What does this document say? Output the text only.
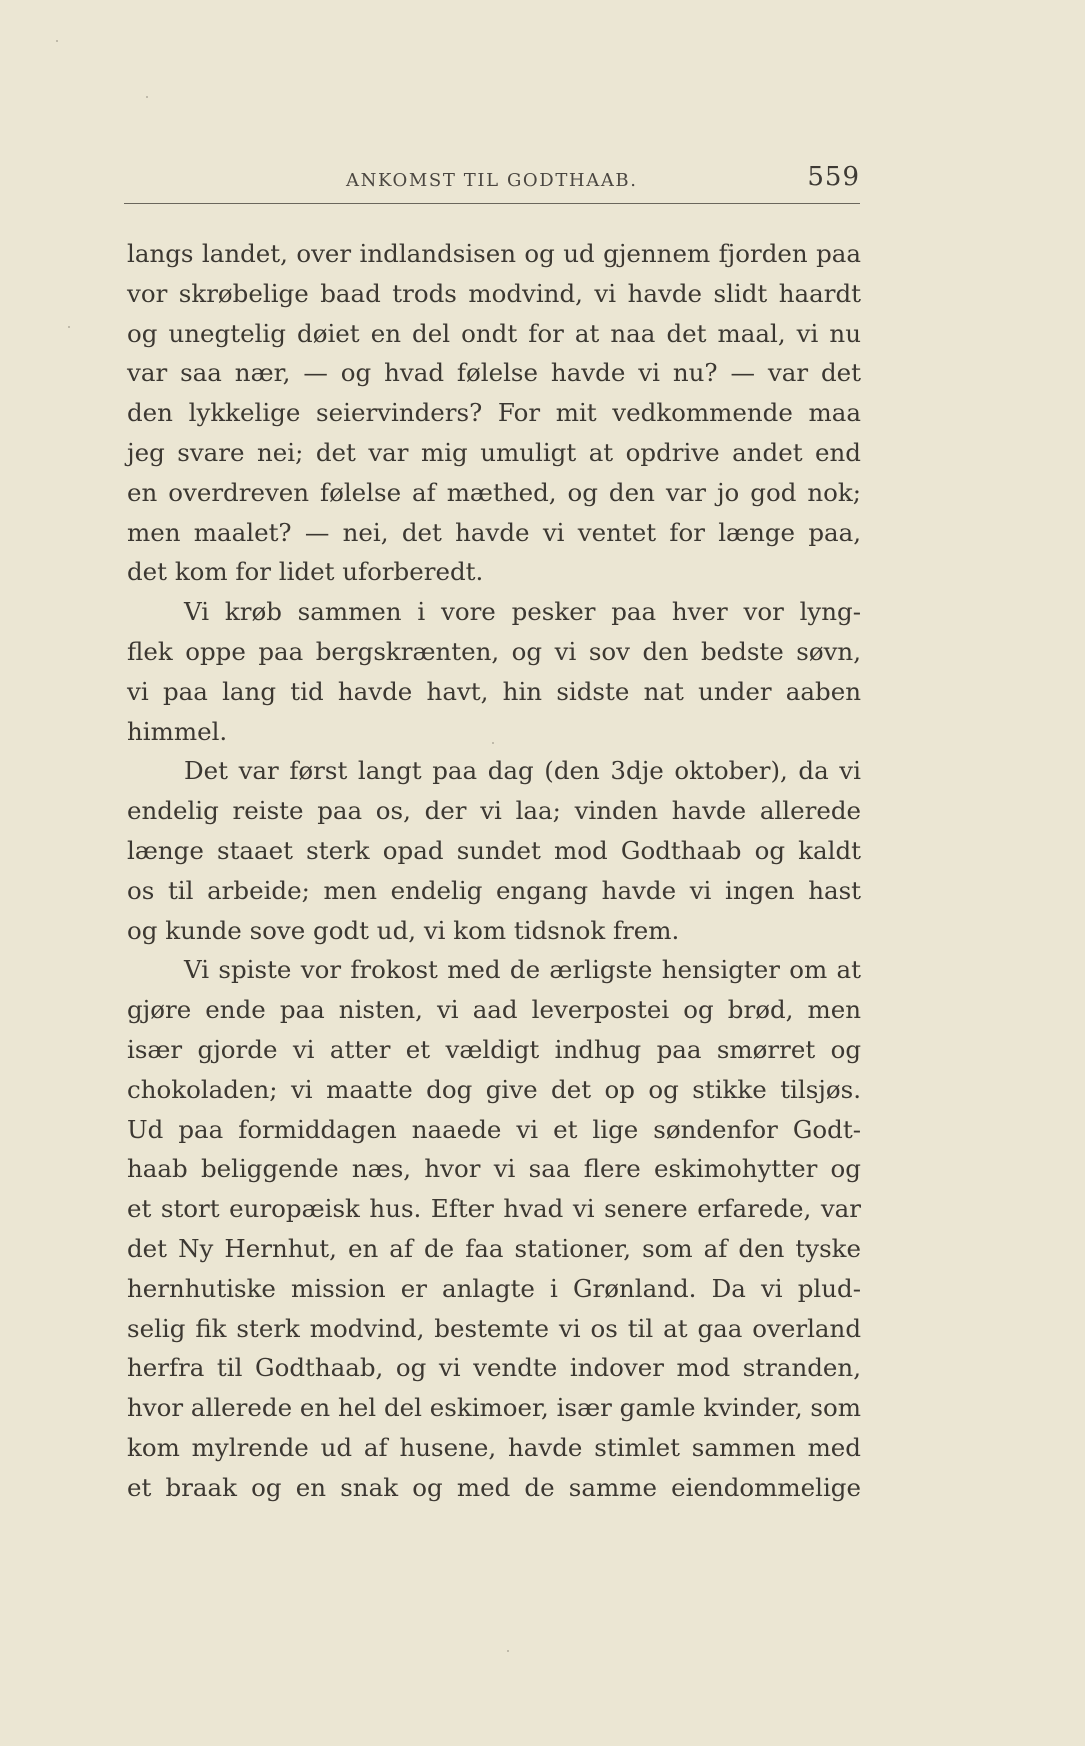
ANKOMST TIL GODTHAAB.	559
langs landet, over indlandsisen og ud gjennem fjorden paa
vor skrøbelige baad trods modvind, vi havde slidt haardt
og unegtelig døiet en del ondt for at naa det maal, vi nu
var saa nær, — og hvad følelse havde vi nu? — var det
den lykkelige seiervinders? For mit vedkommende maa
jeg svare nei; det var mig umuligt at opdrive andet end
en overdreven følelse af mæthed, og den var jo god nok;
men maalet? — nei, det havde vi ventet for længe paa,
det kom for lidet uforberedt.
Vi krøb sammen i vore pesker paa hver vor lyng-
flek oppe paa bergskrænten, og vi sov den bedste søvn,
vi paa lang tid havde havt, hin sidste nat under aaben
himmel.
Det var først langt paa dag (den 3dje oktober), da vi
endelig reiste paa os, der vi laa; vinden havde allerede
længe staaet sterk opad sundet mod Godthaab og kaldt
os til arbeide; men endelig engang havde vi ingen hast
og kunde sove godt ud, vi kom tidsnok frem.
Vi spiste vor frokost med de ærligste hensigter om at
gjøre ende paa nisten, vi aad leverpostei og brød, men
især gjorde vi atter et vældigt indhug paa smørret og
chokoladen; vi maatte dog give det op og stikke tilsjøs.
Ud paa formiddagen naaede vi et lige søndenfor Godt-
haab beliggende næs, hvor vi saa flere eskimohytter og
et stort europæisk hus. Efter hvad vi senere erfarede, var
det Ny Hernhut, en af de faa stationer, som af den tyske
hernhutiske mission er anlagte i Grønland. Da vi plud-
selig fik sterk modvind, bestemte vi os til at gaa overland
herfra til Godthaab, og vi vendte indover mod stranden,
hvor allerede en hel del eskimoer, især gamle kvinder, som
kom mylrende ud af husene, havde stimlet sammen med
et braak og en snak og med de samme eiendommelige
